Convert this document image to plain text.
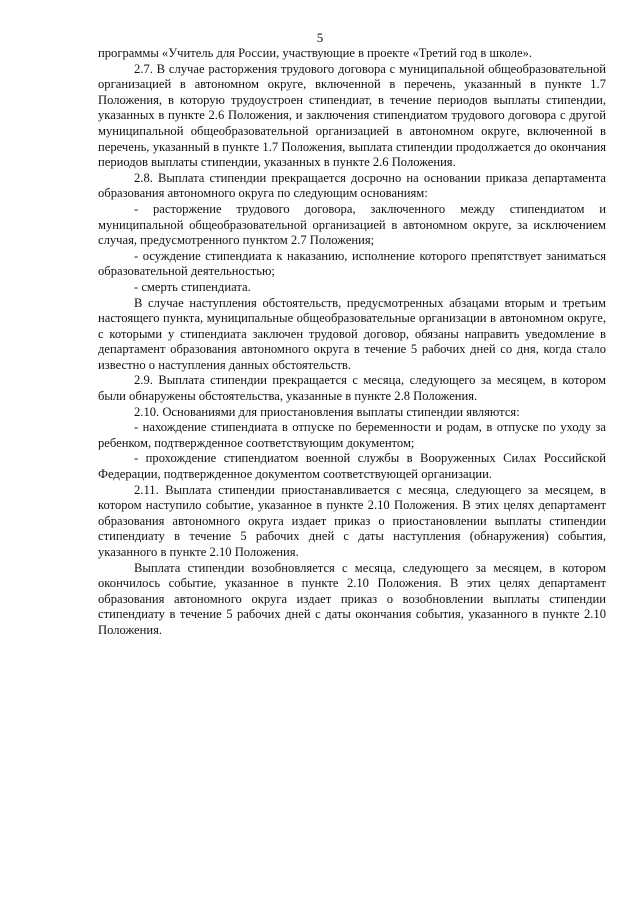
5

программы «Учитель для России, участвующие в проекте «Третий год в школе».

2.7. В случае расторжения трудового договора с муниципальной общеобразовательной организацией в автономном округе, включенной в перечень, указанный в пункте 1.7 Положения, в которую трудоустроен стипендиат, в течение периодов выплаты стипендии, указанных в пункте 2.6 Положения, и заключения стипендиатом трудового договора с другой муниципальной общеобразовательной организацией в автономном округе, включенной в перечень, указанный в пункте 1.7 Положения, выплата стипендии продолжается до окончания периодов выплаты стипендии, указанных в пункте 2.6 Положения.

2.8. Выплата стипендии прекращается досрочно на основании приказа департамента образования автономного округа по следующим основаниям:

- расторжение трудового договора, заключенного между стипендиатом и муниципальной общеобразовательной организацией в автономном округе, за исключением случая, предусмотренного пунктом 2.7 Положения;

- осуждение стипендиата к наказанию, исполнение которого препятствует заниматься образовательной деятельностью;

- смерть стипендиата.

В случае наступления обстоятельств, предусмотренных абзацами вторым и третьим настоящего пункта, муниципальные общеобразовательные организации в автономном округе, с которыми у стипендиата заключен трудовой договор, обязаны направить уведомление в департамент образования автономного округа в течение 5 рабочих дней со дня, когда стало известно о наступления данных обстоятельств.

2.9. Выплата стипендии прекращается с месяца, следующего за месяцем, в котором были обнаружены обстоятельства, указанные в пункте 2.8 Положения.

2.10. Основаниями для приостановления выплаты стипендии являются:

- нахождение стипендиата в отпуске по беременности и родам, в отпуске по уходу за ребенком, подтвержденное соответствующим документом;

- прохождение стипендиатом военной службы в Вооруженных Силах Российской Федерации, подтвержденное документом соответствующей организации.

2.11. Выплата стипендии приостанавливается с месяца, следующего за месяцем, в котором наступило событие, указанное в пункте 2.10 Положения. В этих целях департамент образования автономного округа издает приказ о приостановлении выплаты стипендии стипендиату в течение 5 рабочих дней с даты наступления (обнаружения) события, указанного в пункте 2.10 Положения.

Выплата стипендии возобновляется с месяца, следующего за месяцем, в котором окончилось событие, указанное в пункте 2.10 Положения. В этих целях департамент образования автономного округа издает приказ о возобновлении выплаты стипендии стипендиату в течение 5 рабочих дней с даты окончания события, указанного в пункте 2.10 Положения.
